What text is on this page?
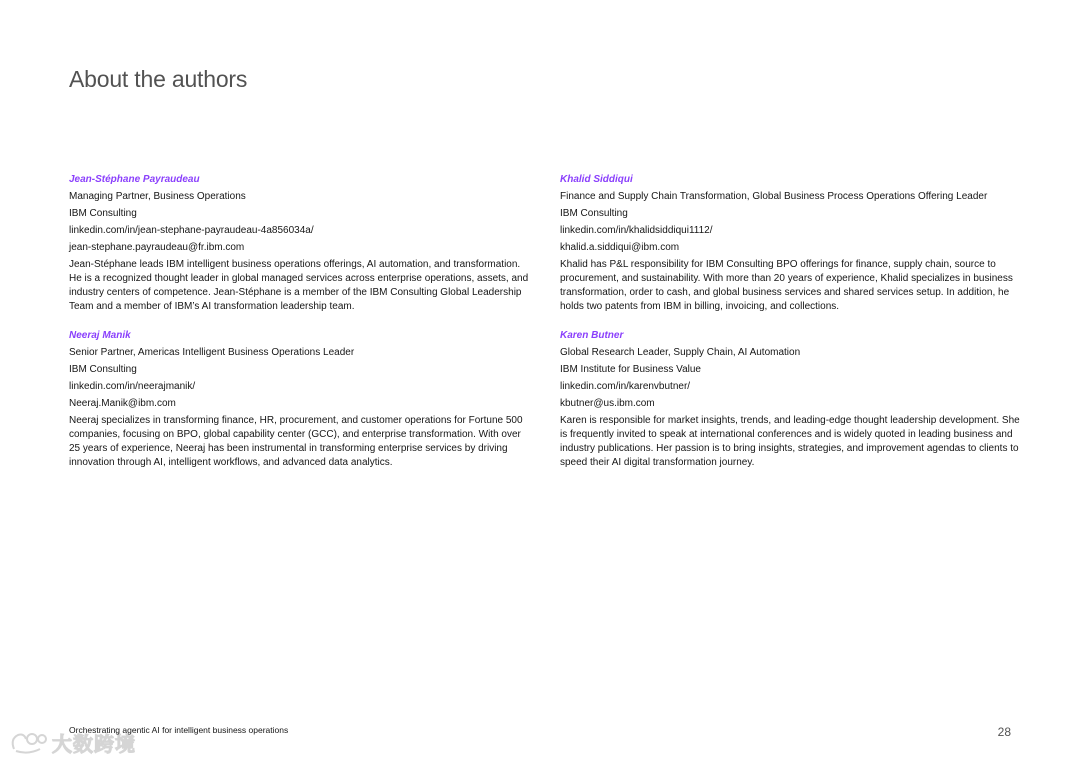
About the authors
Jean-Stéphane Payraudeau
Managing Partner, Business Operations
IBM Consulting
linkedin.com/in/jean-stephane-payraudeau-4a856034a/
jean-stephane.payraudeau@fr.ibm.com

Jean-Stéphane leads IBM intelligent business operations offerings, AI automation, and transformation. He is a recognized thought leader in global managed services across enterprise operations, assets, and industry centers of competence. Jean-Stéphane is a member of the IBM Consulting Global Leadership Team and a member of IBM’s AI transformation leadership team.

Khalid Siddiqui
Finance and Supply Chain Transformation, Global Business Process Operations Offering Leader
IBM Consulting
linkedin.com/in/khalidsiddiqui1112/
khalid.a.siddiqui@ibm.com

Khalid has P&L responsibility for IBM Consulting BPO offerings for finance, supply chain, source to procurement, and sustainability. With more than 20 years of experience, Khalid specializes in business transformation, order to cash, and global business services and shared services setup. In addition, he holds two patents from IBM in billing, invoicing, and collections.

Neeraj Manik
Senior Partner, Americas Intelligent Business Operations Leader
IBM Consulting
linkedin.com/in/neerajmanik/
Neeraj.Manik@ibm.com

Neeraj specializes in transforming finance, HR, procurement, and customer operations for Fortune 500 companies, focusing on BPO, global capability center (GCC), and enterprise transformation. With over 25 years of experience, Neeraj has been instrumental in transforming enterprise services by driving innovation through AI, intelligent workflows, and advanced data analytics.

Karen Butner
Global Research Leader, Supply Chain, AI Automation
IBM Institute for Business Value
linkedin.com/in/karenvbutner/
kbutner@us.ibm.com

Karen is responsible for market insights, trends, and leading-edge thought leadership development. She is frequently invited to speak at international conferences and is widely quoted in leading business and industry publications. Her passion is to bring insights, strategies, and improvement agendas to clients to speed their AI digital transformation journey.

大数跨境
Orchestrating agentic AI for intelligent business operations	28
